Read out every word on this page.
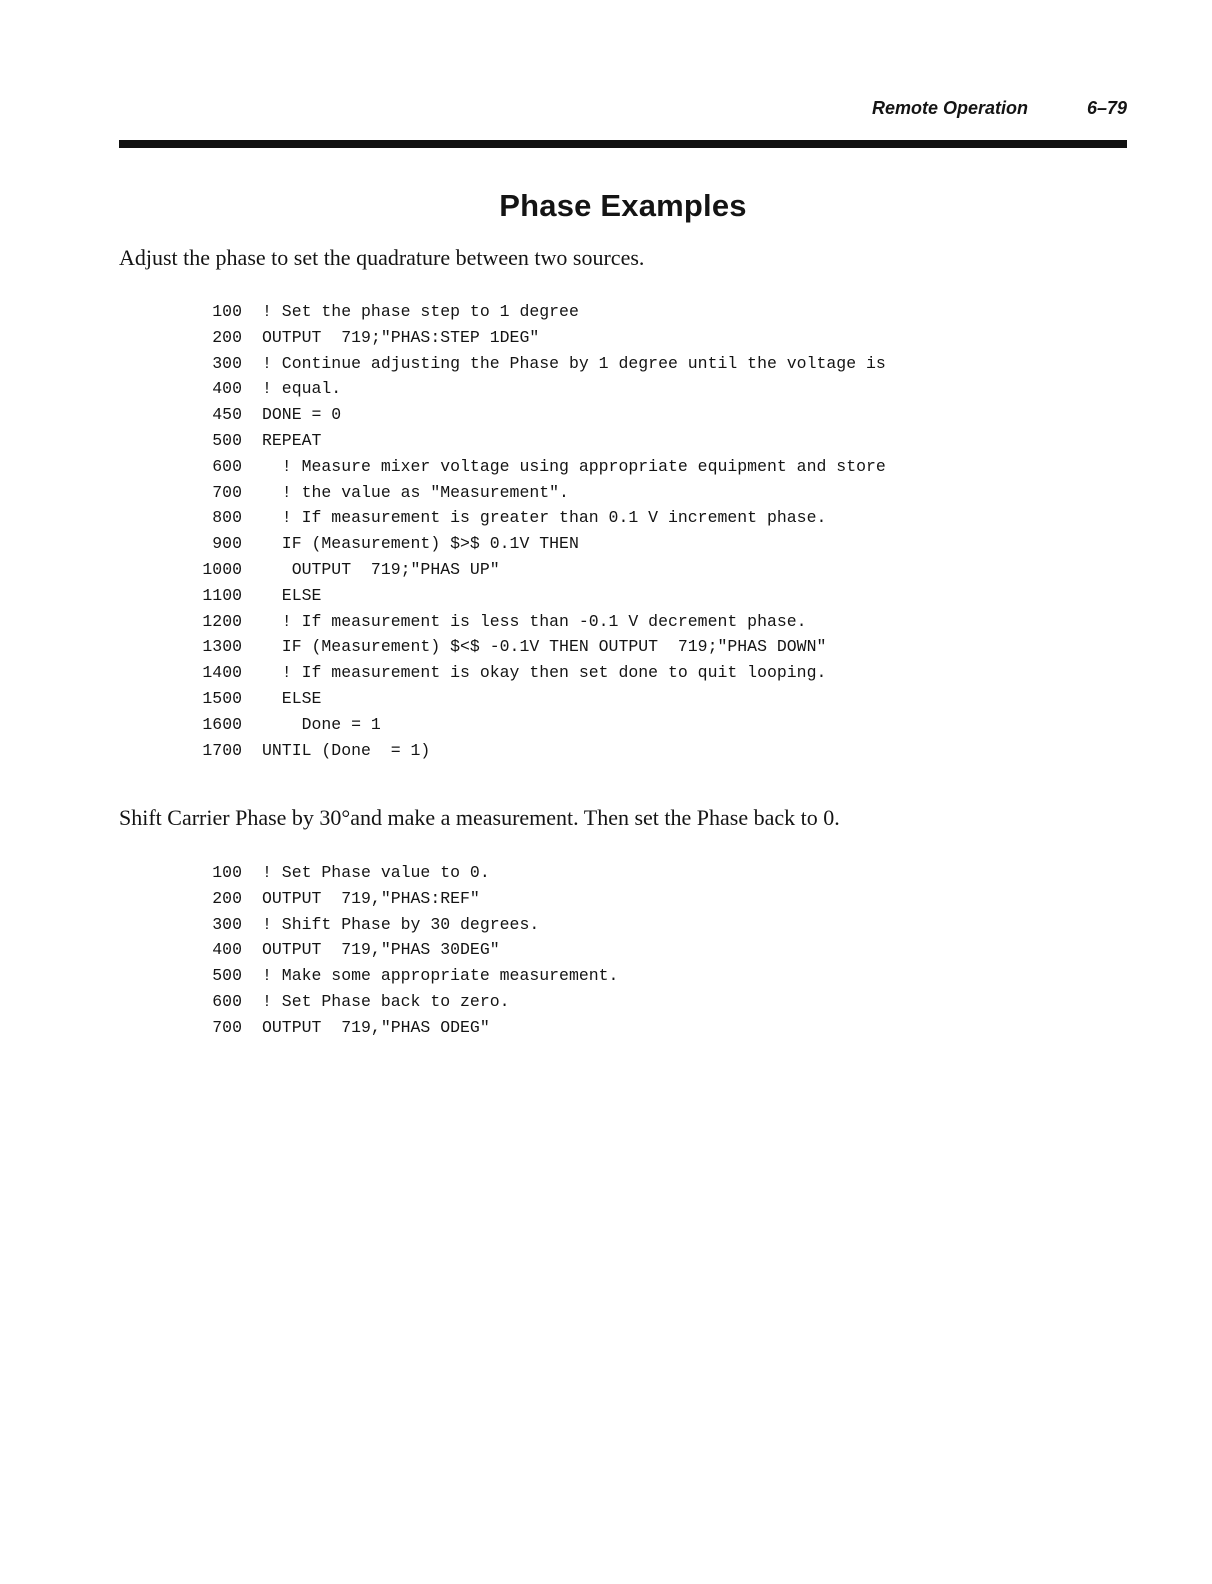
Remote Operation	6–79
Phase Examples

Adjust the phase to set the quadrature between two sources.

100 ! Set the phase step to 1 degree
200 OUTPUT  719;"PHAS:STEP 1DEG"
300 ! Continue adjusting the Phase by 1 degree until the voltage is
400 ! equal.
450 DONE = 0
500 REPEAT
600  ! Measure mixer voltage using appropriate equipment and store
700  ! the value as "Measurement".
800  ! If measurement is greater than 0.1 V increment phase.
900  IF (Measurement) $>$ 0.1V THEN
1000   OUTPUT  719;"PHAS UP"
1100  ELSE
1200  ! If measurement is less than -0.1 V decrement phase.
1300  IF (Measurement) $<$ -0.1V THEN OUTPUT  719;"PHAS DOWN"
1400  ! If measurement is okay then set done to quit looping.
1500  ELSE
1600    Done = 1
1700 UNTIL (Done  = 1)

Shift Carrier Phase by 30°and make a measurement. Then set the Phase back to 0.

100 ! Set Phase value to 0.
200 OUTPUT  719,"PHAS:REF"
300 ! Shift Phase by 30 degrees.
400 OUTPUT  719,"PHAS 30DEG"
500 ! Make some appropriate measurement.
600 ! Set Phase back to zero.
700 OUTPUT  719,"PHAS ODEG"
